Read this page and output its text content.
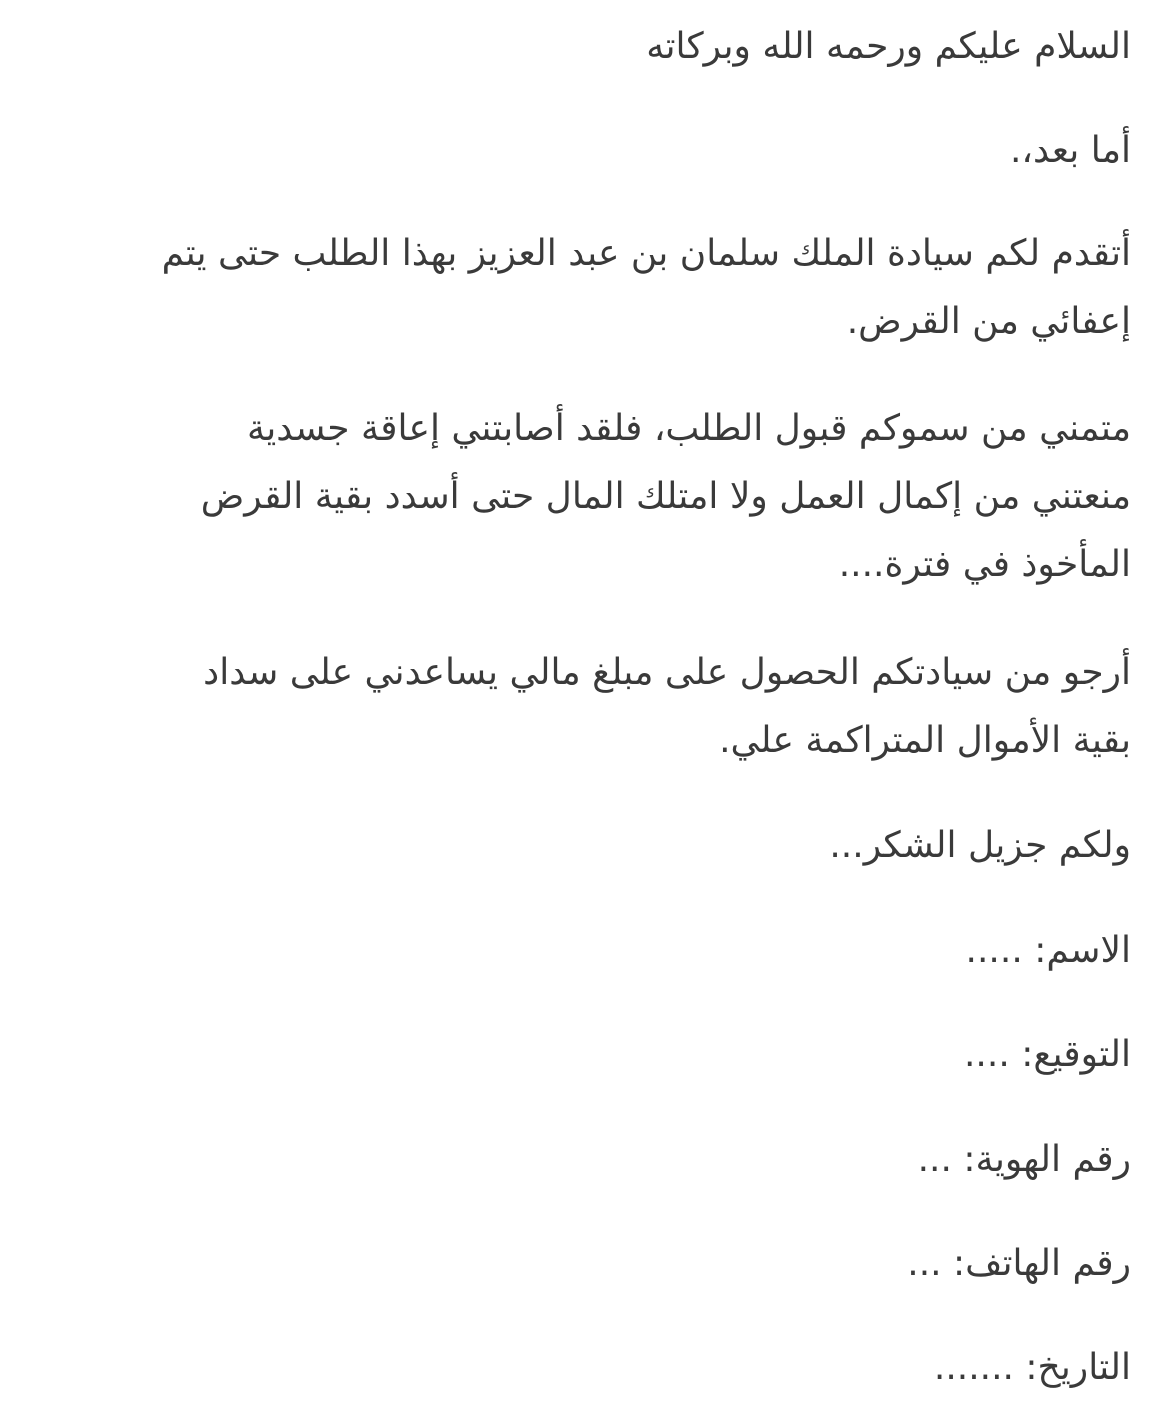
السلام عليكم ورحمه الله وبركاته

أما بعد،.

أتقدم لكم سيادة الملك سلمان بن عبد العزيز بهذا الطلب حتى يتم
إعفائي من القرض.

متمني من سموكم قبول الطلب، فلقد أصابتني إعاقة جسدية
منعتني من إكمال العمل ولا امتلك المال حتى أسدد بقية القرض
المأخوذ في فترة....

أرجو من سيادتكم الحصول على مبلغ مالي يساعدني على سداد
بقية الأموال المتراكمة علي.

ولكم جزيل الشكر...

الاسم: .....

التوقيع: ....

رقم الهوية: ...

رقم الهاتف: ...

التاريخ: .......
